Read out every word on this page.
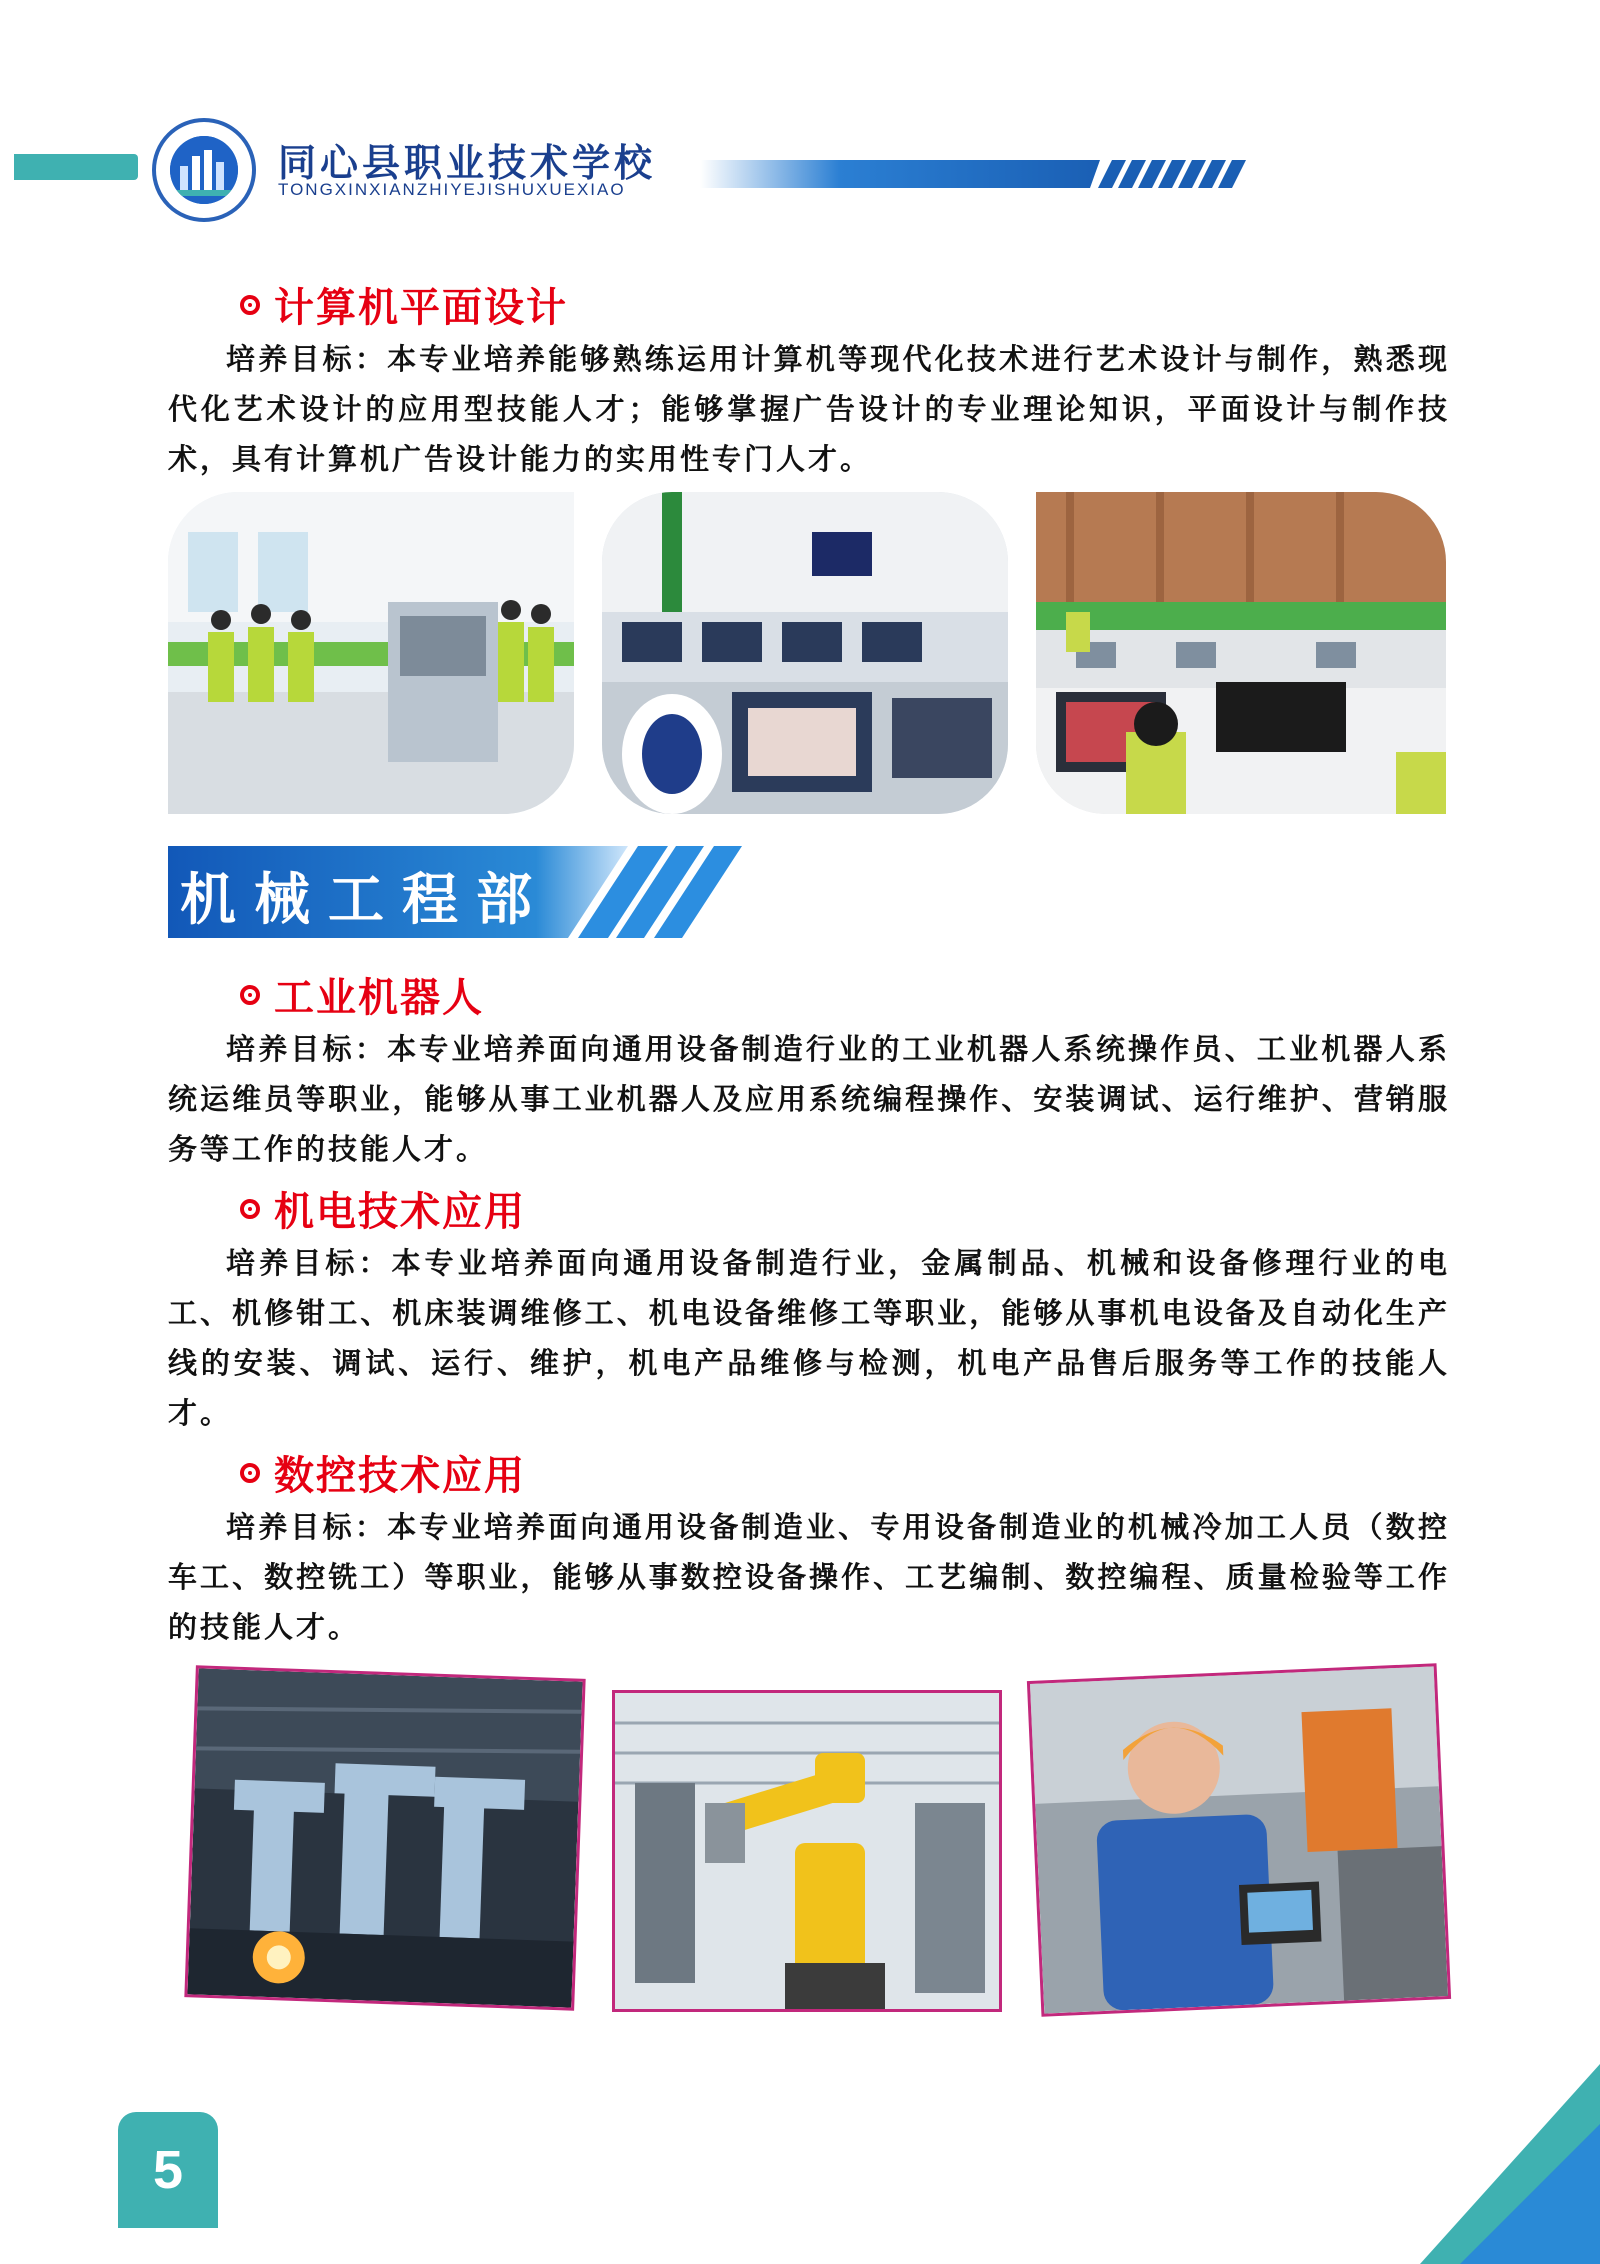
同心县职业技术学校
TONGXINXIANZHIYEJISHUXUEXIAO
计算机平面设计
培养目标：本专业培养能够熟练运用计算机等现代化技术进行艺术设计与制作，熟悉现代化艺术设计的应用型技能人才；能够掌握广告设计的专业理论知识，平面设计与制作技术，具有计算机广告设计能力的实用性专门人才。
机械工程部
工业机器人
培养目标：本专业培养面向通用设备制造行业的工业机器人系统操作员、工业机器人系统运维员等职业，能够从事工业机器人及应用系统编程操作、安装调试、运行维护、营销服务等工作的技能人才。
机电技术应用
培养目标：本专业培养面向通用设备制造行业，金属制品、机械和设备修理行业的电工、机修钳工、机床装调维修工、机电设备维修工等职业，能够从事机电设备及自动化生产线的安装、调试、运行、维护，机电产品维修与检测，机电产品售后服务等工作的技能人才。
数控技术应用
培养目标：本专业培养面向通用设备制造业、专用设备制造业的机械冷加工人员（数控车工、数控铣工）等职业，能够从事数控设备操作、工艺编制、数控编程、质量检验等工作的技能人才。
5
